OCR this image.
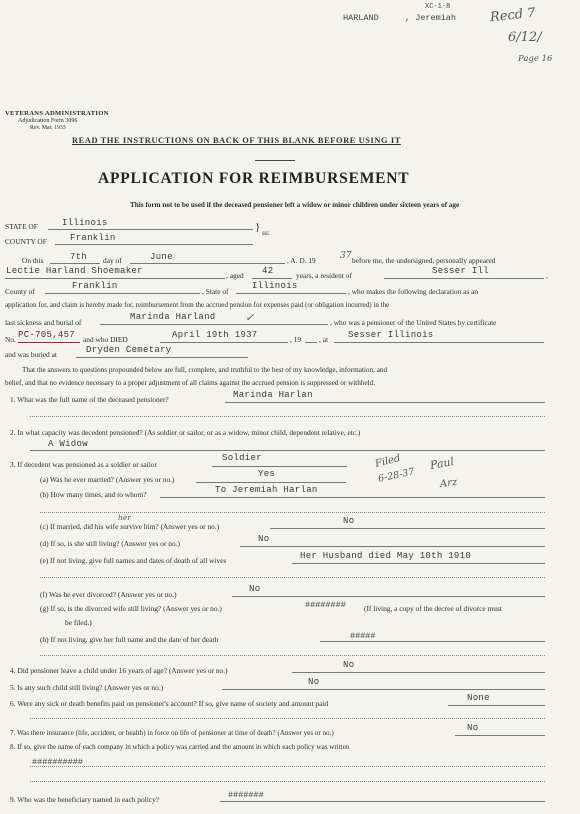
XC-1-8
HARLAND	, Jeremiah	Recd 7
6/12/
Page 16
VETERANS ADMINISTRATION
Adjudication Form 3096
Rev. Mar. 1933
READ THE INSTRUCTIONS ON BACK OF THIS BLANK BEFORE USING IT
APPLICATION FOR REIMBURSEMENT
This form not to be used if the deceased pensioner left a widow or minor children under sixteen years of age
STATE OF	Illinois
COUNTY OF	Franklin
} ss:
On this	7th day of	June	, A. D. 19	37 before me, the undersigned, personally appeared
Lectie Harland Shoemaker	, aged 42	years, a resident of	Sesser Ill	,
County of
Franklin
, State of
Illinois
, who makes the following declaration as an
application for, and claim is hereby made for, reimbursement from the accrued pension for expenses paid (or obligation incurred) in the
last sickness and burial of
Marinda Harland	✓	, who was a pensioner of the United States by certificate
No. PC-705,457 and who DIED	April 19th 1937	, 19 , at Sesser Illinois
and was buried at	Dryden Cemetary
That the answers to questions propounded below are full, complete, and truthful to the best of my knowledge, information, and
belief, and that no evidence necessary to a proper adjustment of all claims against the accrued pension is suppressed or withheld.
1. What was the full name of the deceased pensioner?	Marinda Harlan
2. In what capacity was decedent pensioned? (As soldier or sailor, or as a widow, minor child, dependent relative, etc.)
A Widow
3. If decedent was pensioned as a soldier or sailor
Soldier
(a) Was he ever married? (Answer yes or no.)
Yes
(b) How many times, and to whom?	To Jeremiah Harlan
Filed
6-28-37
Paul
Arz
(c) If married, did his wife survive him? (Answer yes or no.)
her	No
(d) If so, is she still living? (Answer yes or no.)	No
(e) If not living, give full names and dates of death of all wives	Her Husband died May 10th 1910
(f) Was he ever divorced? (Answer yes or no.)
No
(g) If so, is the divorced wife still living? (Answer yes or no.)	######## (If living, a copy of the decree of divorce must
be filed.)
(h) If not living, give her full name and the date of her death	#####
4. Did pensioner leave a child under 16 years of age? (Answer yes or no.)
No
5. Is any such child still living? (Answer yes or no.)
No
6. Were any sick or death benefits paid on pensioner's account? If so, give name of society and amount paid
None
7. Was there insurance (life, accident, or health) in force on life of pensioner at time of death? (Answer yes or no.)	No
8. If so, give the name of each company in which a policy was carried and the amount in which each policy was written
##########
9. Who was the beneficiary named in each policy?	#######
